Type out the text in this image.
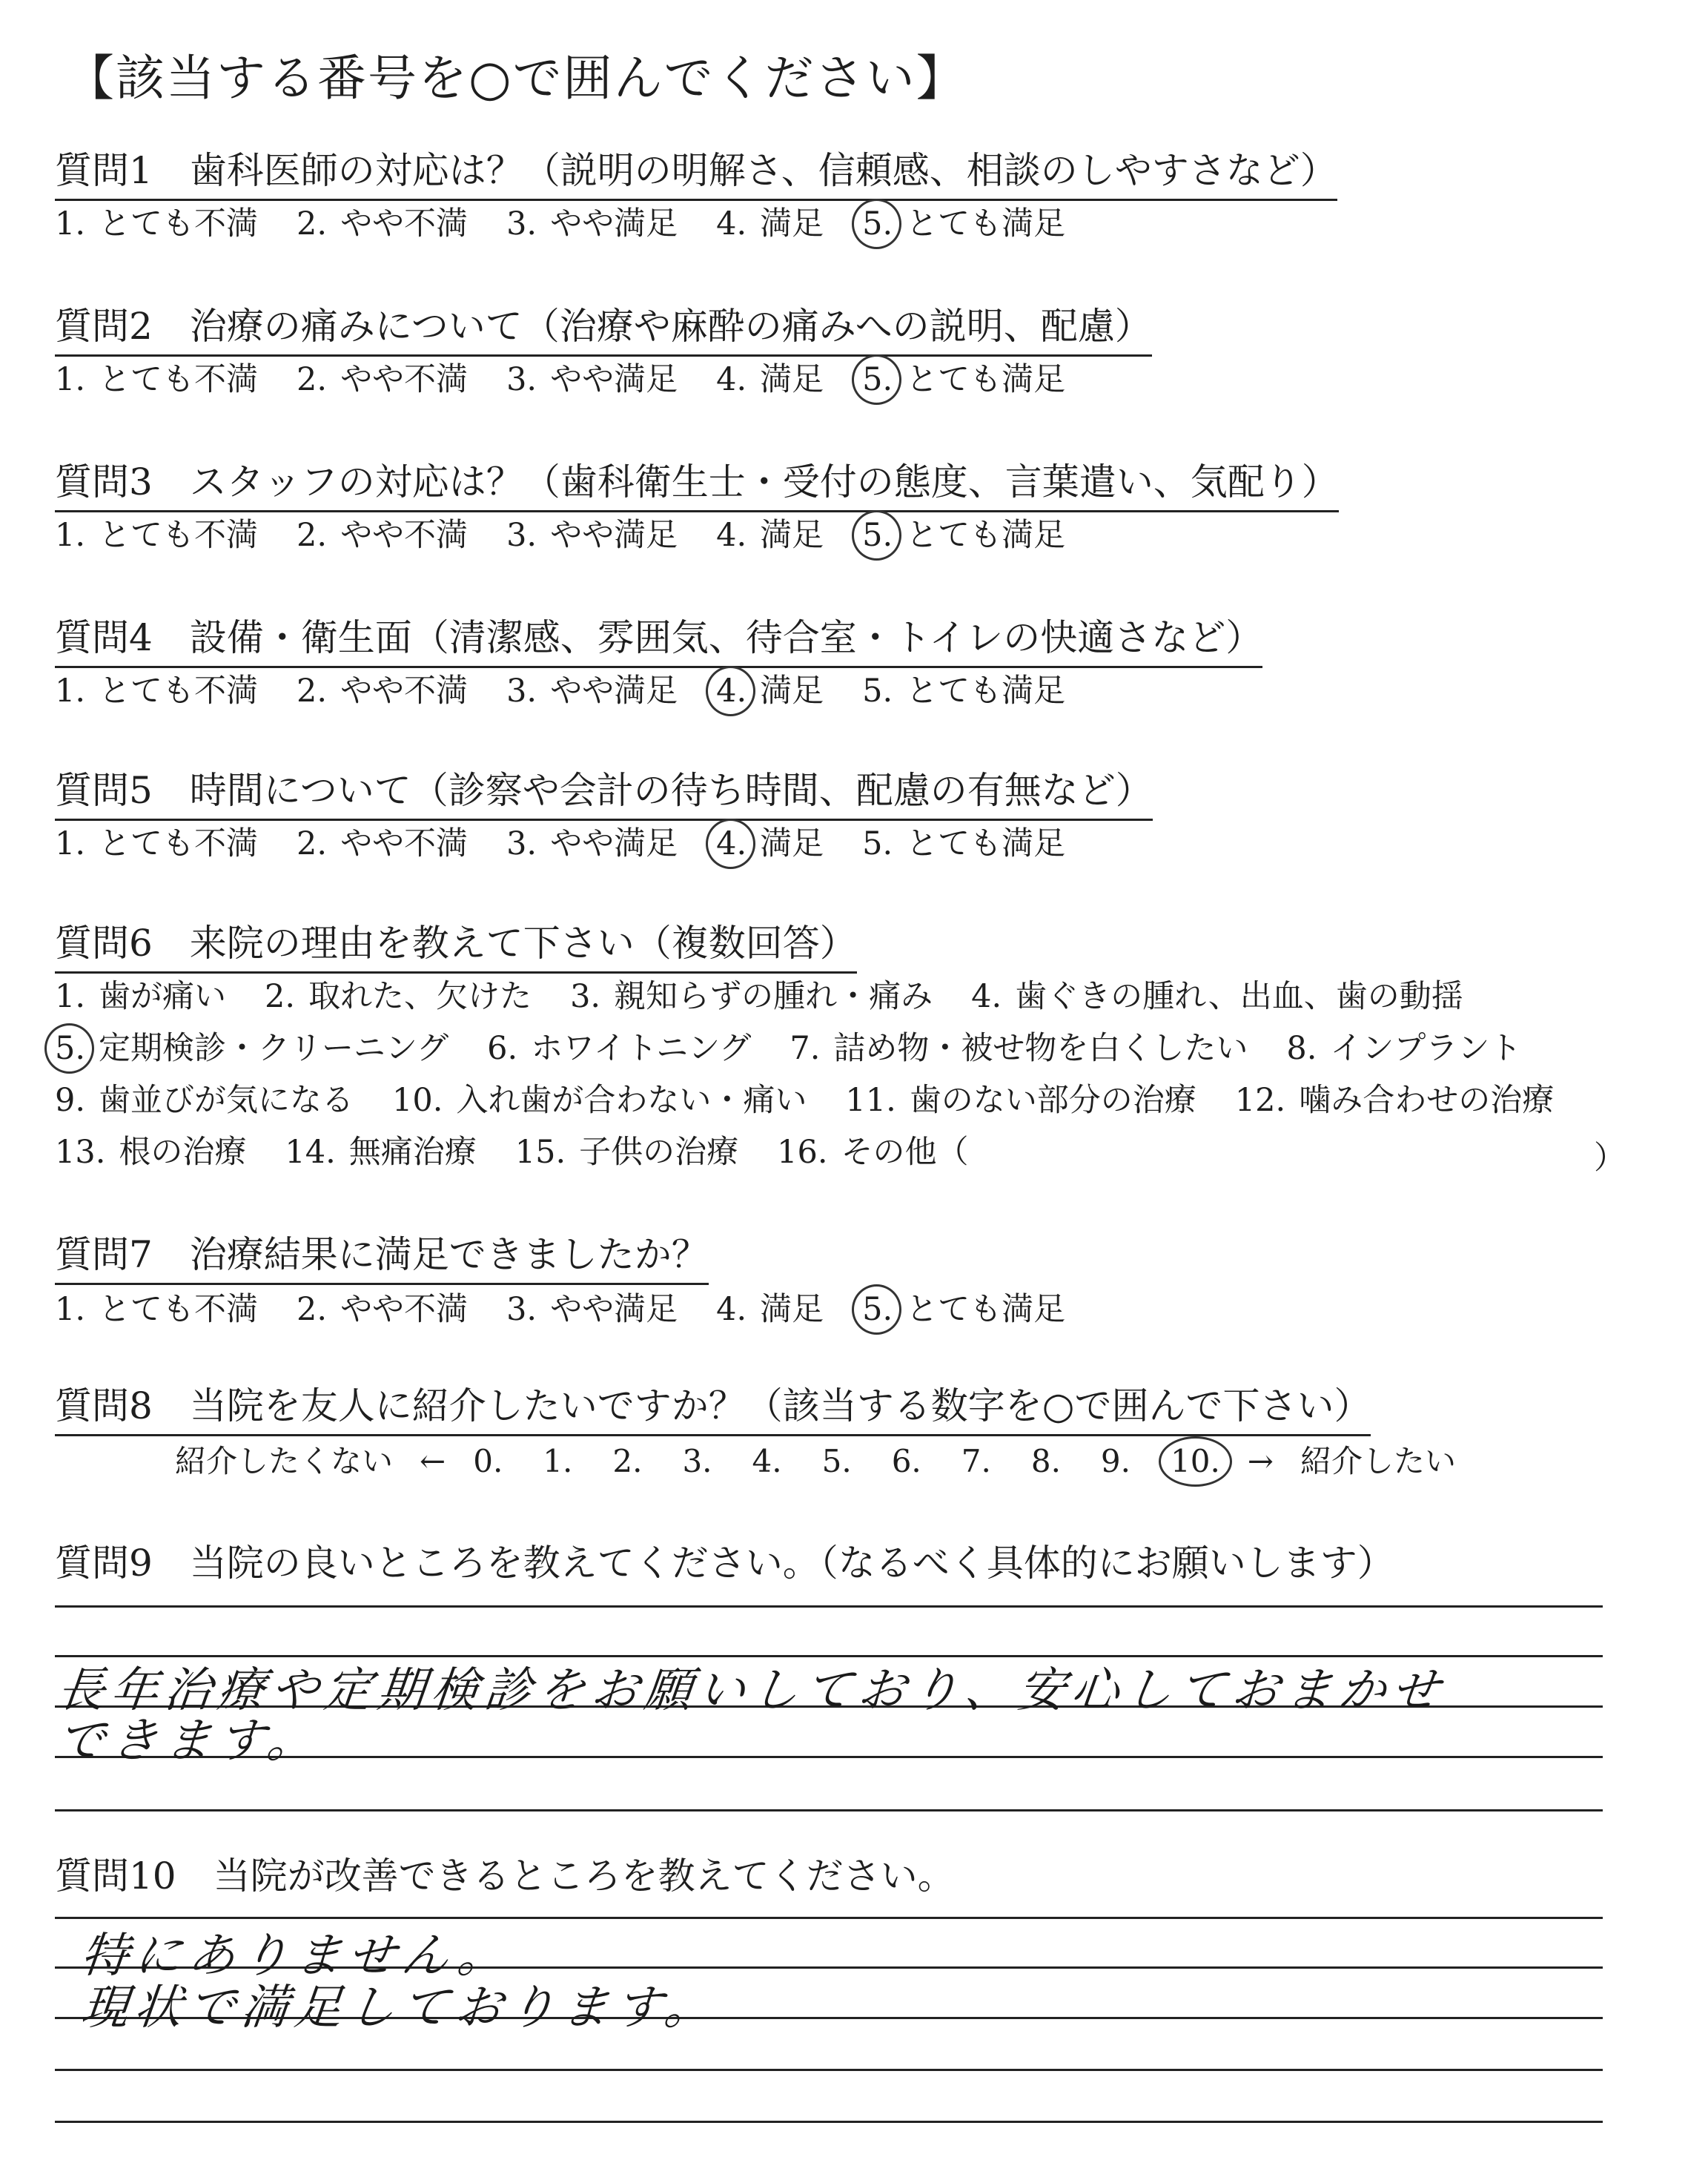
【該当する番号を○で囲んでください】
質問1　歯科医師の対応は？（説明の明解さ、信頼感、相談のしやすさなど）
1. とても不満 2. やや不満 3. やや満足 4. 満足 5. とても満足
質問2　治療の痛みについて（治療や麻酔の痛みへの説明、配慮）
1. とても不満 2. やや不満 3. やや満足 4. 満足 5. とても満足
質問3　スタッフの対応は？（歯科衛生士・受付の態度、言葉遣い、気配り）
1. とても不満 2. やや不満 3. やや満足 4. 満足 5. とても満足
質問4　設備・衛生面（清潔感、雰囲気、待合室・トイレの快適さなど）
1. とても不満 2. やや不満 3. やや満足 4. 満足 5. とても満足
質問5　時間について（診察や会計の待ち時間、配慮の有無など）
1. とても不満 2. やや不満 3. やや満足 4. 満足 5. とても満足
質問6　来院の理由を教えて下さい（複数回答）
1. 歯が痛い 2. 取れた、欠けた 3. 親知らずの腫れ・痛み 4. 歯ぐきの腫れ、出血、歯の動揺
5. 定期検診・クリーニング 6. ホワイトニング 7. 詰め物・被せ物を白くしたい 8. インプラント
9. 歯並びが気になる 10. 入れ歯が合わない・痛い 11. 歯のない部分の治療 12. 噛み合わせの治療
13. 根の治療 14. 無痛治療 15. 子供の治療 16. その他（	）
質問7　治療結果に満足できましたか？
1. とても不満 2. やや不満 3. やや満足 4. 満足 5. とても満足
質問8　当院を友人に紹介したいですか？（該当する数字を○で囲んで下さい）
紹介したくない ← 0. 1. 2. 3. 4. 5. 6. 7. 8. 9. 10. → 紹介したい
質問9　当院の良いところを教えてください。（なるべく具体的にお願いします）
長年治療や定期検診をお願いしており、安心しておまかせ
できます。
質問10　当院が改善できるところを教えてください。
特にありません。
現状で満足しております。
